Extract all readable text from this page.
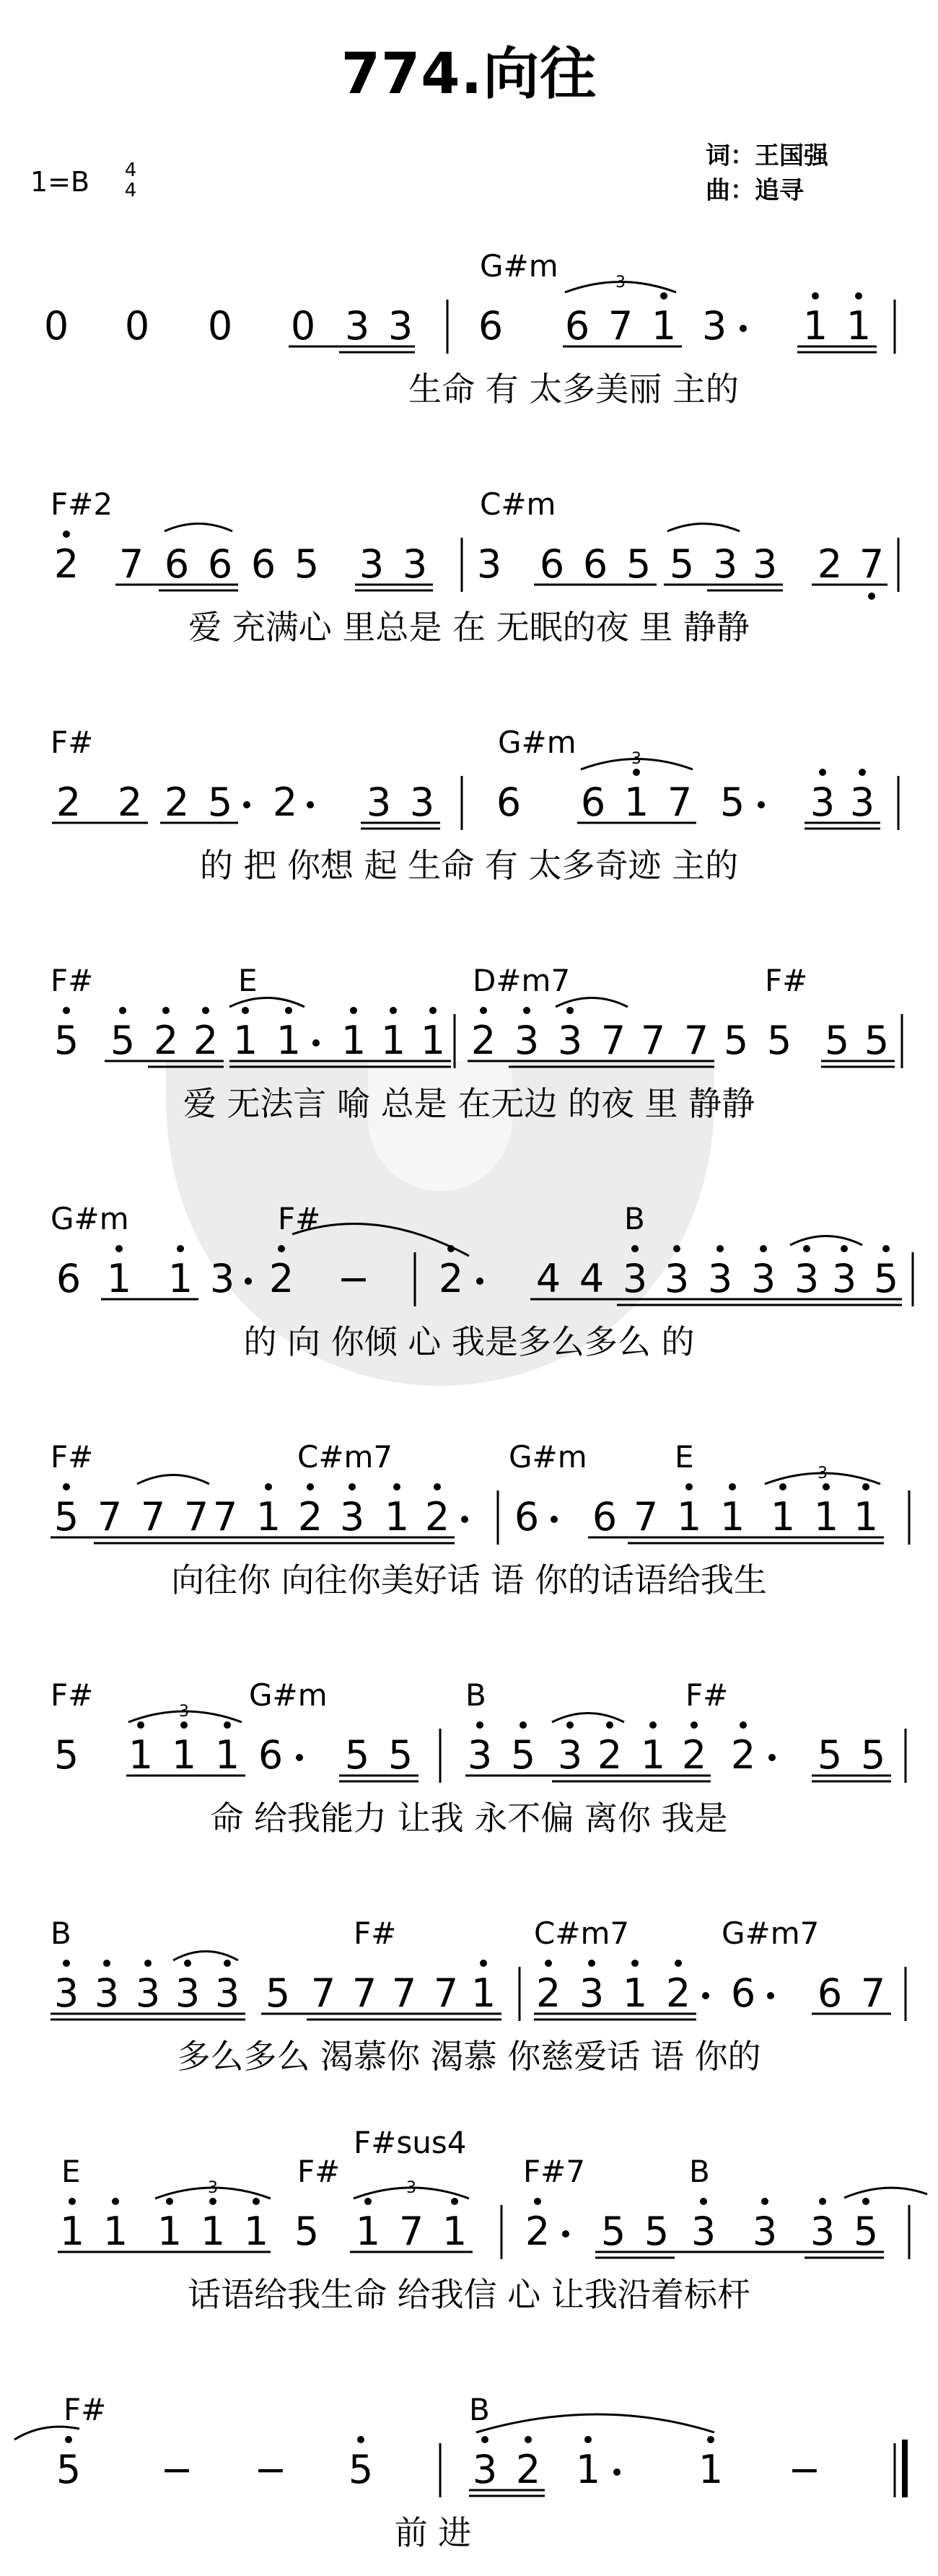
774.向往
1=B 4
4
词：王国强
曲：追寻
G#m
0 0 0 0 3 3 6 6 7 1 3 1 1
F#2	C#m
2 7 6 6 6 5 3 3 3 6 6 5 5 3 3 2 7
F#	G#m
2 2 2 5 2 3 3 6 6 1 7 5 3 3
F#	E	D#m7	F#
5 5 2 2 1 1 1 1 1 2 3 3 7 7 7 5 5 5 5
G#m	F#	B
6 1 1 3 2 − 2 4 4 3 3 3 3 3 3 5
F#	C#m7	G#m	E
5 7 7 7 7 1 2 3 1 2 6 6 7 1 1 1 1 1
F#	G#m	B	F#
5 1 1 1 6 5 5 3 5 3 2 1 2 2 5 5
B	F#	C#m7	G#m7
3 3 3 3 3 5 7 7 7 7 1 2 3 1 2 6 6 7
E	F#
F#sus4
F#7	B
1 1 1 1 1 5 1 7 1 2 5 5 3 3 3 5
F#	B
5 − − 5	3 2 1	1 −
3
3
3
3
3	3
生命 有 太多美丽 主的
爱 充满心 里总是 在 无眠的夜 里 静静
的 把 你想 起 生命 有 太多奇迹 主的
爱 无法言 喻 总是 在无边 的夜 里 静静
的 向 你倾 心 我是多么多么 的
向往你 向往你美好话 语 你的话语给我生
命 给我能力 让我 永不偏 离你 我是
多么多么 渴慕你 渴慕 你慈爱话 语 你的
话语给我生命 给我信 心 让我沿着标杆
前 进
0 0 0 0 3 3 | 6 6 7 1 3· 1 1 |
2 7 6 6 6 5 3 3 | 3 6 6 5 5 3 3 2 7 |
2 2 2 5· 2· 3 3 | 6 6 1 7 5· 3 3 |
5 5 2 2 1 1· 1 1 1 | 2 3 3 7 7 7 5 5 5 5 |
6 1 1 3· 2 - | 2· 4 4 3 3 3 3 3 3 5 |
5 7 7 7 7 1 2 3 1 2· | 6· 6 7 1 1 1 1 1 |
5 1 1 1 6· 5 5 | 3 5 3 2 1 2 2· 5 5 |
3 3 3 3 3 5 7 7 7 7 1 | 2 3 1 2· 6· 6 7 |
1 1 1 1 1 5 1 7 1 | 2· 5 5 3 3 3 5 |
5 - - 5 | 3 2 1· 1 - ||
